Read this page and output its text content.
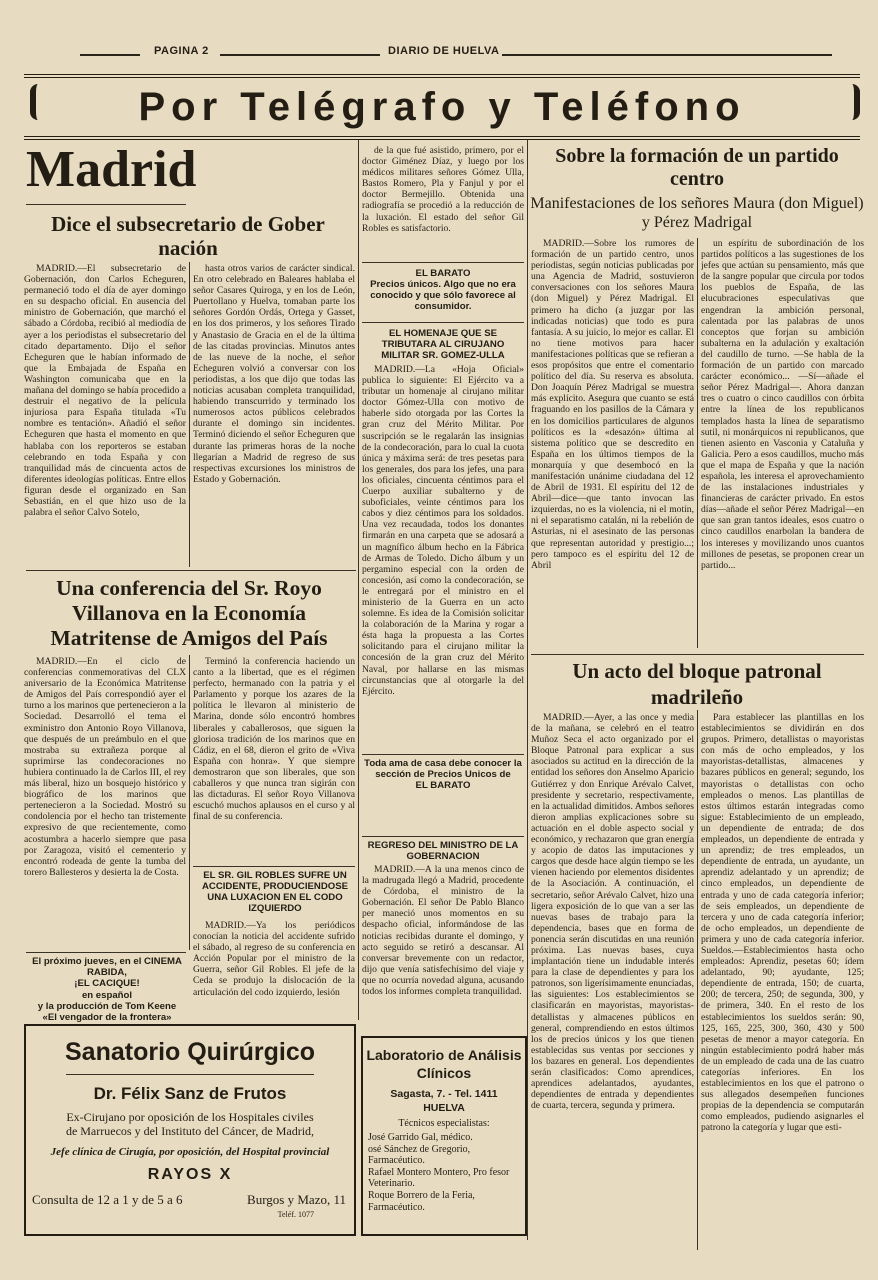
PAGINA 2	DIARIO DE HUELVA
Por Telégrafo y Teléfono
Madrid
Dice el subsecretario de Gober nación

MADRID.—El subsecretario de Gobernación, don Carlos Echeguren, permaneció todo el día de ayer domingo en su despacho oficial. En ausencia del ministro de Gobernación, que marchó el sábado a Córdoba, recibió al mediodía de ayer a los periodistas el subsecretario del citado departamento. Dijo el señor Echeguren que le habían informado de que la Embajada de España en Washington comunicaba que en la mañana del domingo se había procedido a destruir el negativo de la película injuriosa para España titulada «Tu nombre es tentación». Añadió el señor Echeguren que hasta el momento en que hablaba con los reporteros se estaban celebrando en toda España y con tranquilidad más de cincuenta actos de diferentes ideologías políticas. Entre ellos figuran desde el organizado en San Sebastián, en el que hizo uso de la palabra el señor Calvo Sotelo,

hasta otros varios de carácter sindical. En otro celebrado en Baleares hablaba el señor Casares Quiroga, y en los de León, Puertollano y Huelva, tomaban parte los señores Gordón Ordás, Ortega y Gasset, en los dos primeros, y los señores Tirado y Anastasio de Gracia en el de la última de las citadas provincias. Minutos antes de las nueve de la noche, el señor Echeguren volvió a conversar con los periodistas, a los que dijo que todas las noticias acusaban completa tranquilidad, habiendo transcurrido y terminado los numerosos actos públicos celebrados durante el domingo sin incidentes. Terminó diciendo el señor Echeguren que durante las primeras horas de la noche llegarían a Madrid de regreso de sus respectivas excursiones los ministros de Estado y Gobernación.

Una conferencia del Sr. Royo Villanova en la Economía Matritense de Amigos del País

MADRID.—En el ciclo de conferencias conmemorativas del CLX aniversario de la Económica Matritense de Amigos del País correspondió ayer el turno a los marinos que pertenecieron a la Sociedad. Desarrolló el tema el exministro don Antonio Royo Villanova, que después de un preámbulo en el que mostraba su extrañeza porque al suprimirse las condecoraciones no hubiera continuado la de Carlos III, el rey más liberal, hizo un bosquejo histórico y biográfico de los marinos que pertenecieron a la Sociedad. Mostró su condolencia por el hecho tan tristemente expresivo de que recientemente, como acostumbra a hacerlo siempre que pasa por Zaragoza, visitó el cementerio y encontró rodeada de gente la tumba del torero Ballesteros y desierta la de Costa.

Terminó la conferencia haciendo un canto a la libertad, que es el régimen perfecto, hermanado con la patria y el Parlamento y porque los azares de la política le llevaron al ministerio de Marina, donde sólo encontró hombres liberales y caballerosos, que siguen la gloriosa tradición de los marinos que en Cádiz, en el 68, dieron el grito de «Viva España con honra». Y que siempre demostraron que son liberales, que son caballeros y que nunca tran sigirán con las dictaduras. El señor Royo Villanova escuchó muchos aplausos en el curso y al final de su conferencia.

EL SR. GIL ROBLES SUFRE UN ACCIDENTE, PRODUCIENDOSE UNA LUXACION EN EL CODO IZQUIERDO

MADRID.—Ya los periódicos conocían la noticia del accidente sufrido el sábado, al regreso de su conferencia en Acción Popular por el ministro de la Guerra, señor Gil Robles. El jefe de la Ceda se produjo la dislocación de la articulación del codo izquierdo, lesión

El próximo jueves, en el CINEMA RABIDA,
¡EL CACIQUE!
en español
y la producción de Tom Keene
«El vengador de la frontera»
Sanatorio Quirúrgico
Dr. Félix Sanz de Frutos
Ex-Cirujano por oposición de los Hospitales civiles
de Marruecos y del Instituto del Cáncer, de Madrid,
Jefe clínica de Cirugía, por oposición, del Hospital provincial
RAYOS X
Consulta de 12 a 1 y de 5 a 6	Burgos y Mazo, 11
Teléf. 1077

de la que fué asistido, primero, por el doctor Giménez Díaz, y luego por los médicos militares señores Gómez Ulla, Bastos Romero, Pla y Fanjul y por el doctor Bermejillo. Obtenida una radiografía se procedió a la reducción de la luxación. El estado del señor Gil Robles es satisfactorio.

EL BARATO
Precios únicos. Algo que no era conocido y que sólo favorece al consumidor.
EL HOMENAJE QUE SE TRIBUTARA AL CIRUJANO MILITAR SR. GOMEZ-ULLA

MADRID.—La «Hoja Oficial» publica lo siguiente: El Ejército va a tributar un homenaje al cirujano militar doctor Gómez-Ulla con motivo de haberle sido otorgada por las Cortes la gran cruz del Mérito Militar. Por suscripción se le regalarán las insignias de la condecoración, para lo cual la cuota única y máxima será: de tres pesetas para los generales, dos para los jefes, una para los oficiales, cincuenta céntimos para el Cuerpo auxiliar subalterno y de suboficiales, veinte céntimos para los cabos y diez céntimos para los soldados. Una vez recaudada, todos los donantes firmarán en una carpeta que se adosará a un magnífico álbum hecho en la Fábrica de Armas de Toledo. Dicho álbum y un pergamino especial con la orden de concesión, así como la condecoración, se le entregará por el ministro en el ministerio de la Guerra en un acto solemne. Es idea de la Comisión solicitar la colaboración de la Marina y rogar a ésta haga la propuesta a las Cortes solicitando para el cirujano militar la concesión de la gran cruz del Mérito Naval, por hallarse en las mismas circunstancias que al otorgarle la del Ejército.

Toda ama de casa debe conocer la sección de Precios Unicos de
EL BARATO
REGRESO DEL MINISTRO DE LA GOBERNACION

MADRID.—A la una menos cinco de la madrugada llegó a Madrid, procedente de Córdoba, el ministro de la Gobernación. El señor De Pablo Blanco per maneció unos momentos en su despacho oficial, informándose de las noticias recibidas durante el domingo, y acto seguido se retiró a descansar. Al conversar brevemente con un redactor, dijo que venía satisfechísimo del viaje y que no ocurría novedad alguna, acusando todos los informes completa tranquilidad.

Laboratorio de Análisis Clínicos
Sagasta, 7. - Tel. 1411
HUELVA
Técnicos especialistas:
José Garrido Gal, médico.
osé Sánchez de Gregorio, Farmacéutico.
Rafael Montero Montero, Pro fesor Veterinario.
Roque Borrero de la Feria, Farmacéutico.
Sobre la formación de un partido centro
Manifestaciones de los señores Maura (don Miguel) y Pérez Madrigal

MADRID.—Sobre los rumores de formación de un partido centro, unos periodistas, según noticias publicadas por una Agencia de Madrid, sostuvieron conversaciones con los señores Maura (don Miguel) y Pérez Madrigal. El primero ha dicho (a juzgar por las indicadas noticias) que todo es pura fantasía. A su juicio, lo mejor es callar. El no tiene motivos para hacer manifestaciones políticas que se refieran a esos propósitos que entre el comentario político del día. Su reserva es absoluta. Don Joaquín Pérez Madrigal se muestra más explícito. Asegura que cuanto se está fraguando en los pasillos de la Cámara y en los domicilios particulares de algunos políticos es la «desazón» última al sistema político que se descredito en España en los últimos tiempos de la monarquía y que desembocó en la manifestación unánime ciudadana del 12 de Abril de 1931. El espíritu del 12 de Abril—dice—que tanto invocan las izquierdas, no es la violencia, ni el motín, ni el separatismo catalán, ni la rebelión de Asturias, ni el asesinato de las personas que representan autoridad y prestigio...; pero tampoco es el espíritu del 12 de Abril

un espíritu de subordinación de los partidos políticos a las sugestiones de los jefes que actúan su pensamiento, más que de la sangre popular que circula por todos los pueblos de España, de las elucubraciones especulativas que engendran la ambición personal, calentada por las palabras de unos conceptos que forjan su ambición subalterna en la adulación y exaltación del caudillo de turno. —Se habla de la formación de un partido con marcado carácter económico... —Sí—añade el señor Pérez Madrigal—. Ahora danzan tres o cuatro o cinco caudillos con órbita entre la línea de los republicanos templados hasta la línea de separatismo sutil, ni monárquicos ni republicanos, que tienen asiento en Vasconia y Cataluña y Galicia. Pero a esos caudillos, mucho más que el mapa de España y que la nación española, les interesa el aprovechamiento de las instalaciones industriales y financieras de carácter privado. En estos días—añade el señor Pérez Madrigal—en que san gran tantos ideales, esos cuatro o cinco caudillos enarbolan la bandera de los intereses y movilizando unos cuantos millones de pesetas, se proponen crear un partido...

Un acto del bloque patronal madrileño

MADRID.—Ayer, a las once y media de la mañana, se celebró en el teatro Muñoz Seca el acto organizado por el Bloque Patronal para explicar a sus asociados su actitud en la dirección de la entidad los señores don Anselmo Aparicio Gutiérrez y don Enrique Arévalo Calvet, presidente y secretario, respectivamente, en la actualidad dimitidos. Ambos señores dieron amplias explicaciones sobre su actuación en el doble aspecto social y económico, y rechazaron que gran energía y acopio de datos las imputaciones y cargos que desde hace algún tiempo se les vienen haciendo por elementos disidentes de la Asociación. A continuación, el secretario, señor Arévalo Calvet, hizo una ligera exposición de lo que van a ser las nuevas bases de trabajo para la dependencia, bases que en forma de ponencia serán discutidas en una reunión próxima. Las nuevas bases, cuya implantación tiene un indudable interés para la clase de dependientes y para los patronos, son ligerísimamente enunciadas, las siguientes: Los establecimientos se clasificarán en mayoristas, mayoristas-detallistas y almacenes públicos en general, comprendiendo en estos últimos los de precios únicos y los que tienen establecidas sus ventas por secciones y los bazares en general. Los dependientes serán clasificados: Como aprendices, aprendices adelantados, ayudantes, dependientes de entrada y dependientes de cuarta, tercera, segunda y primera.

Para establecer las plantillas en los establecimientos se dividirán en dos grupos. Primero, detallistas o mayoristas con más de ocho empleados, y los mayoristas-detallistas, almacenes y bazares públicos en general; segundo, los mayoristas o detallistas con ocho empleados o menos. Las plantillas de estos últimos estarán integradas como sigue: Establecimiento de un empleado, un dependiente de entrada; de dos empleados, un dependiente de entrada y un aprendiz; de tres empleados, un dependiente de entrada, un ayudante, un aprendiz adelantado y un aprendiz; de cinco empleados, un dependiente de entrada y uno de cada categoría inferior; de seis empleados, un dependiente de tercera y uno de cada categoría inferior; de ocho empleados, un dependiente de primera y uno de cada categoría inferior. Sueldos.—Establecimientos hasta ocho empleados: Aprendiz, pesetas 60; ídem adelantado, 90; ayudante, 125; dependiente de entrada, 150; de cuarta, 200; de tercera, 250; de segunda, 300, y de primera, 340. En el resto de los establecimientos los sueldos serán: 90, 125, 165, 225, 300, 360, 430 y 500 pesetas de menor a mayor categoría. En ningún establecimiento podrá haber más de un empleado de cada una de las cuatro categorías inferiores. En los establecimientos en los que el patrono o sus allegados desempeñen funciones propias de la dependencia se computarán como empleados, pudiendo asignarles el patrono la categoría y lugar que esti-
